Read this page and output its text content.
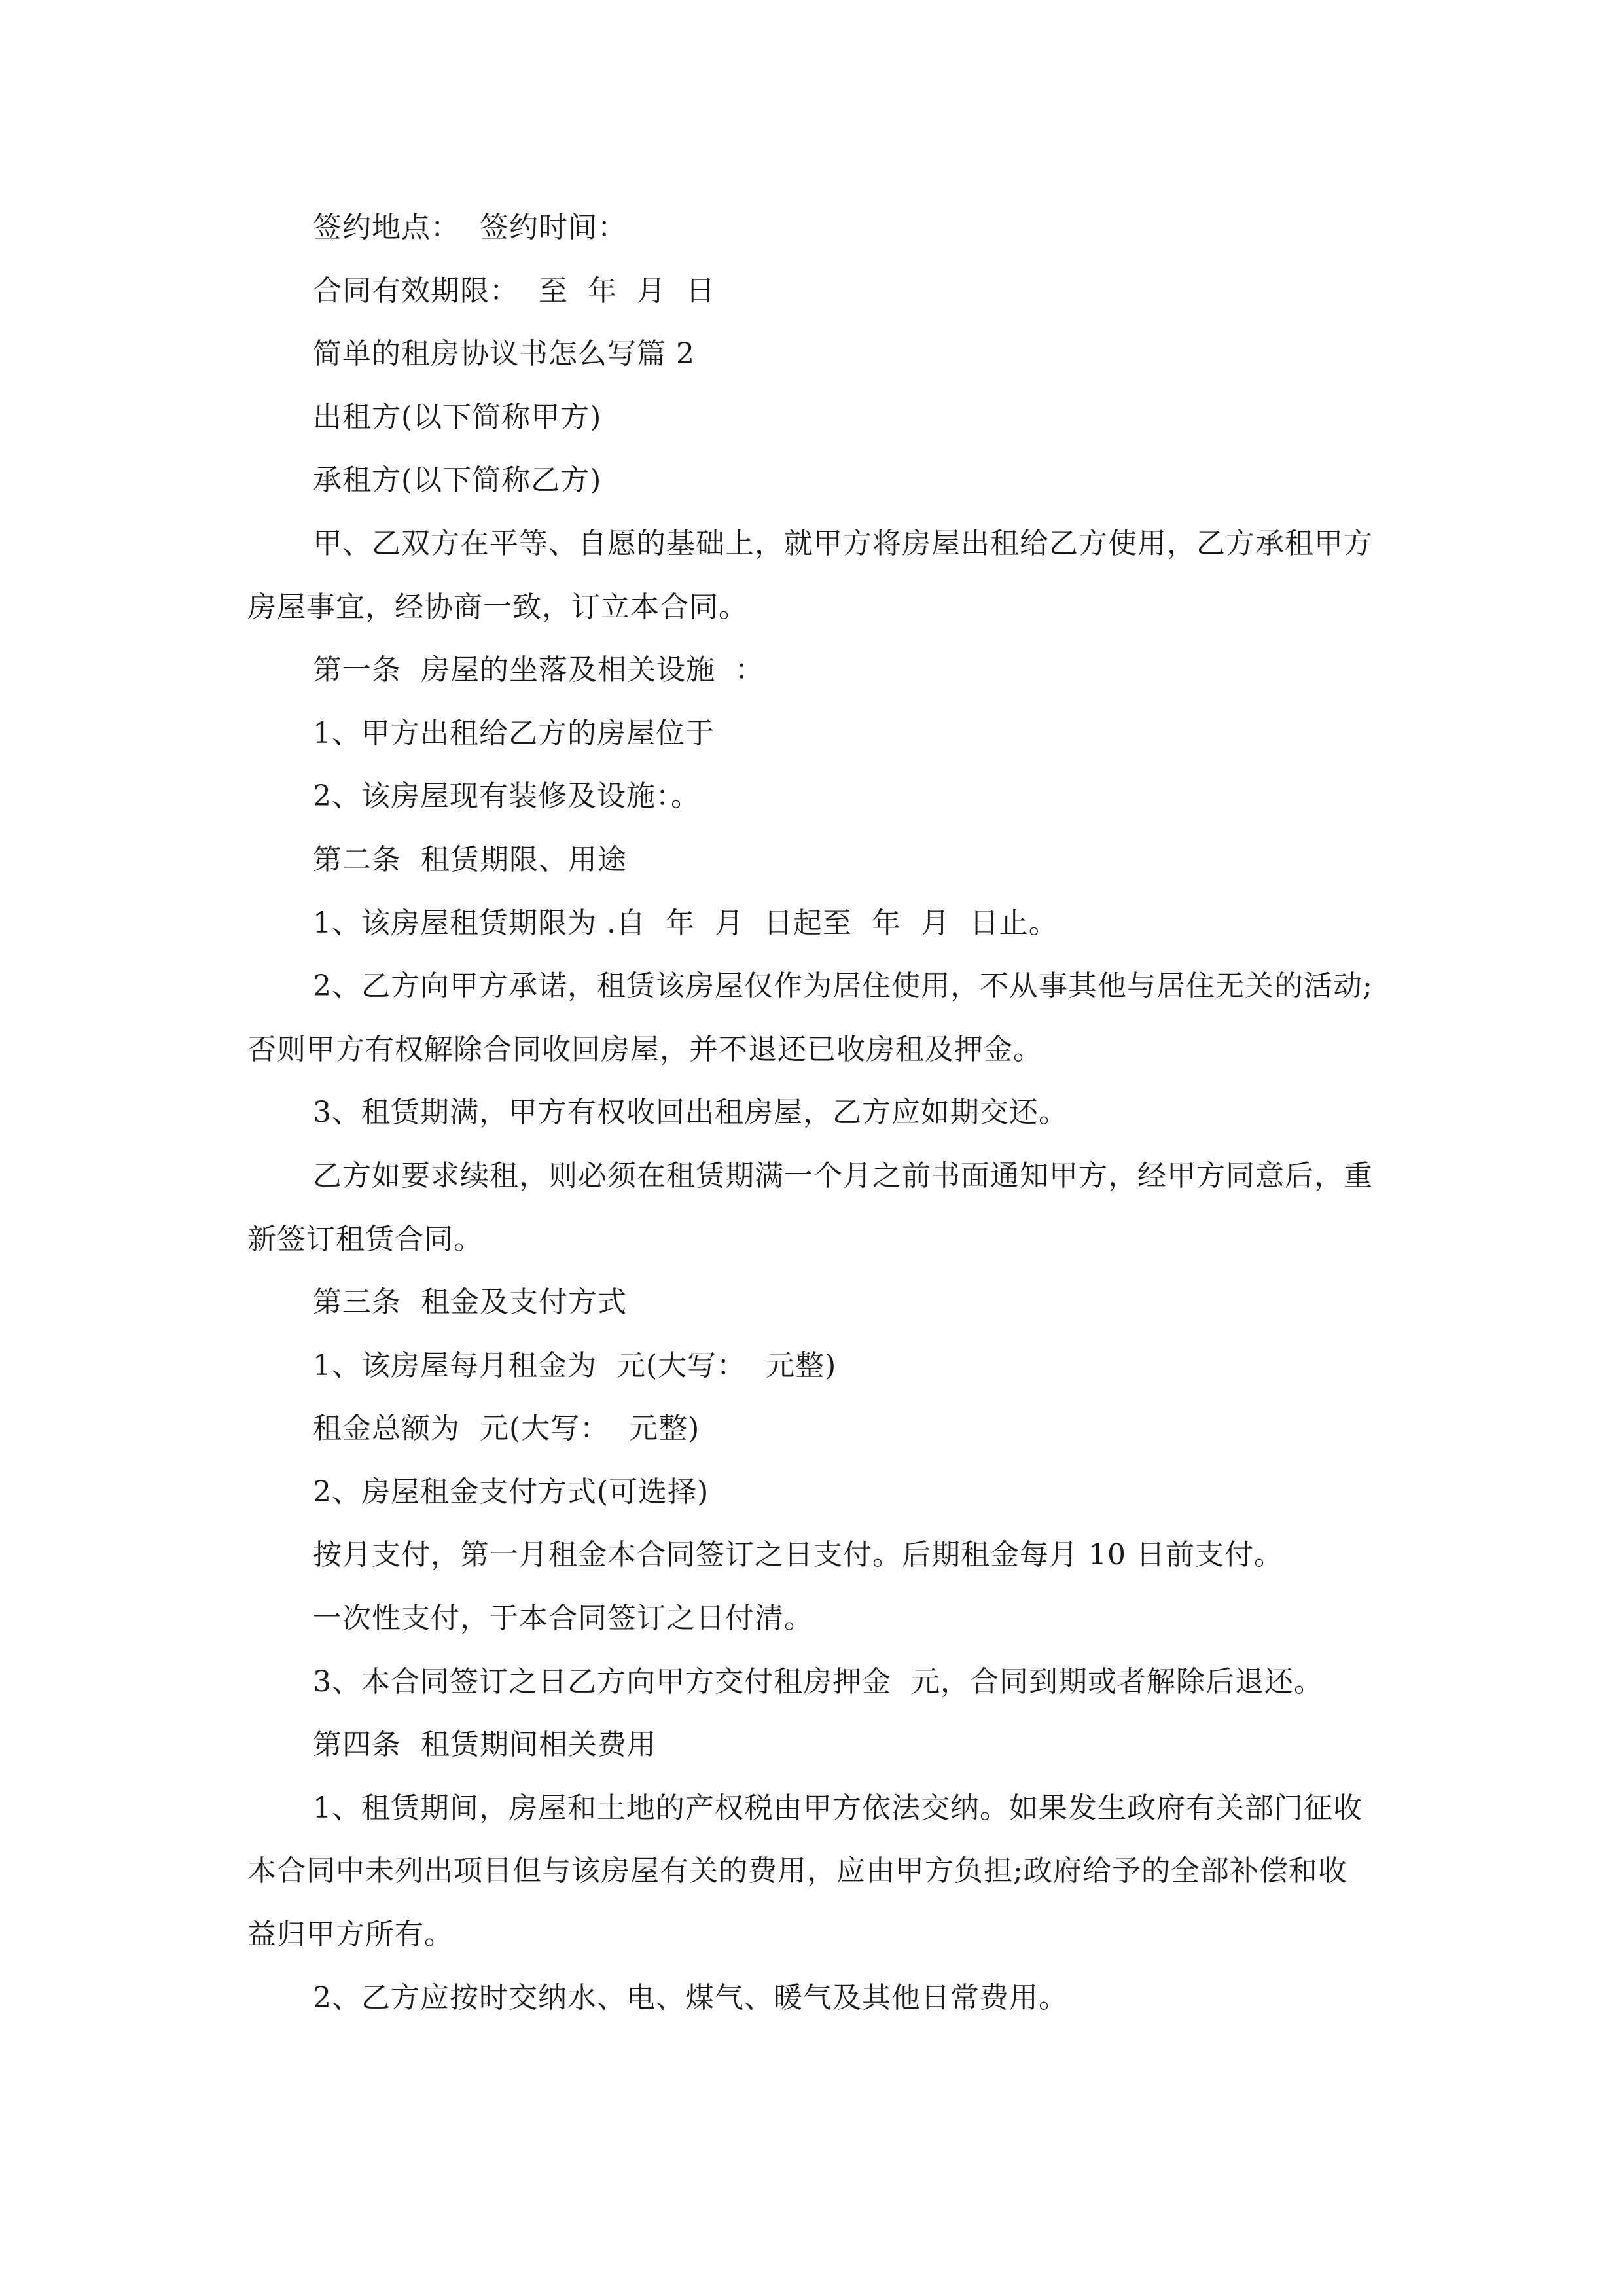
签约地点：  签约时间：

合同有效期限：  至  年  月  日

简单的租房协议书怎么写篇 2

出租方(以下简称甲方)

承租方(以下简称乙方)

甲、乙双方在平等、自愿的基础上，就甲方将房屋出租给乙方使用，乙方承租甲方房屋事宜，经协商一致，订立本合同。

第一条  房屋的坐落及相关设施  ：

1、甲方出租给乙方的房屋位于

2、该房屋现有装修及设施：。

第二条  租赁期限、用途

1、该房屋租赁期限为 .自  年  月  日起至  年  月  日止。

2、乙方向甲方承诺，租赁该房屋仅作为居住使用，不从事其他与居住无关的活动;否则甲方有权解除合同收回房屋，并不退还已收房租及押金。

3、租赁期满，甲方有权收回出租房屋，乙方应如期交还。

乙方如要求续租，则必须在租赁期满一个月之前书面通知甲方，经甲方同意后，重新签订租赁合同。

第三条  租金及支付方式

1、该房屋每月租金为  元(大写：  元整)

租金总额为  元(大写：  元整)

2、房屋租金支付方式(可选择)

按月支付，第一月租金本合同签订之日支付。后期租金每月 10 日前支付。

一次性支付，于本合同签订之日付清。

3、本合同签订之日乙方向甲方交付租房押金  元，合同到期或者解除后退还。

第四条  租赁期间相关费用

1、租赁期间，房屋和土地的产权税由甲方依法交纳。如果发生政府有关部门征收本合同中未列出项目但与该房屋有关的费用，应由甲方负担;政府给予的全部补偿和收益归甲方所有。

2、乙方应按时交纳水、电、煤气、暖气及其他日常费用。
